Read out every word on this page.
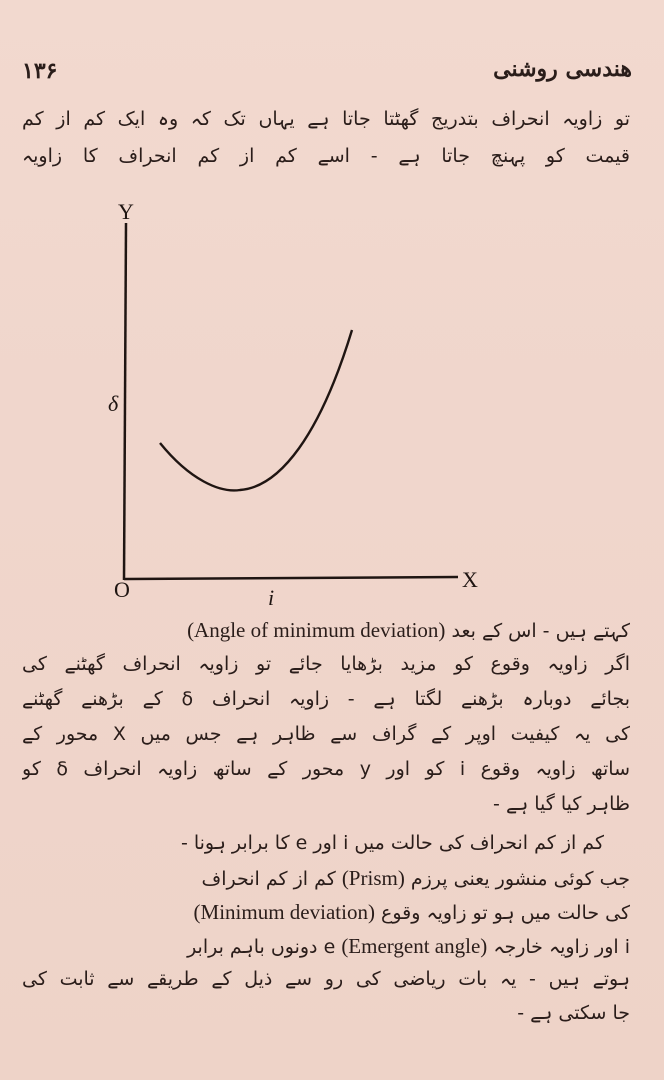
۱۳۶	هندسی روشنی
تو زاویہ انحراف بتدریج گھٹتا جاتا ہے یہاں تک کہ وہ ایک کم از کم
قیمت کو پہنچ جاتا ہے - اسے کم از کم انحراف کا زاویہ
Y
X
O
δ
i
کہتے ہیں - اس کے بعد (Angle of minimum deviation)
اگر زاویہ وقوع کو مزید بڑھایا جائے تو زاویہ انحراف گھٹنے کی
بجائے دوبارہ بڑھنے لگتا ہے - زاویہ انحراف δ کے بڑھنے گھٹنے
کی یہ کیفیت اوپر کے گراف سے ظاہر ہے جس میں X محور کے
ساتھ زاویہ وقوع i کو اور y محور کے ساتھ زاویہ انحراف δ کو
ظاہر کیا گیا ہے -
کم از کم انحراف کی حالت میں i اور e کا برابر ہونا -
جب کوئی منشور یعنی پرزم (Prism) کم از کم انحراف
کی حالت میں ہو تو زاویہ وقوع (Minimum deviation)
i اور زاویہ خارجہ (Emergent angle) e دونوں باہم برابر
ہوتے ہیں - یہ بات ریاضی کی رو سے ذیل کے طریقے سے ثابت کی
جا سکتی ہے -
